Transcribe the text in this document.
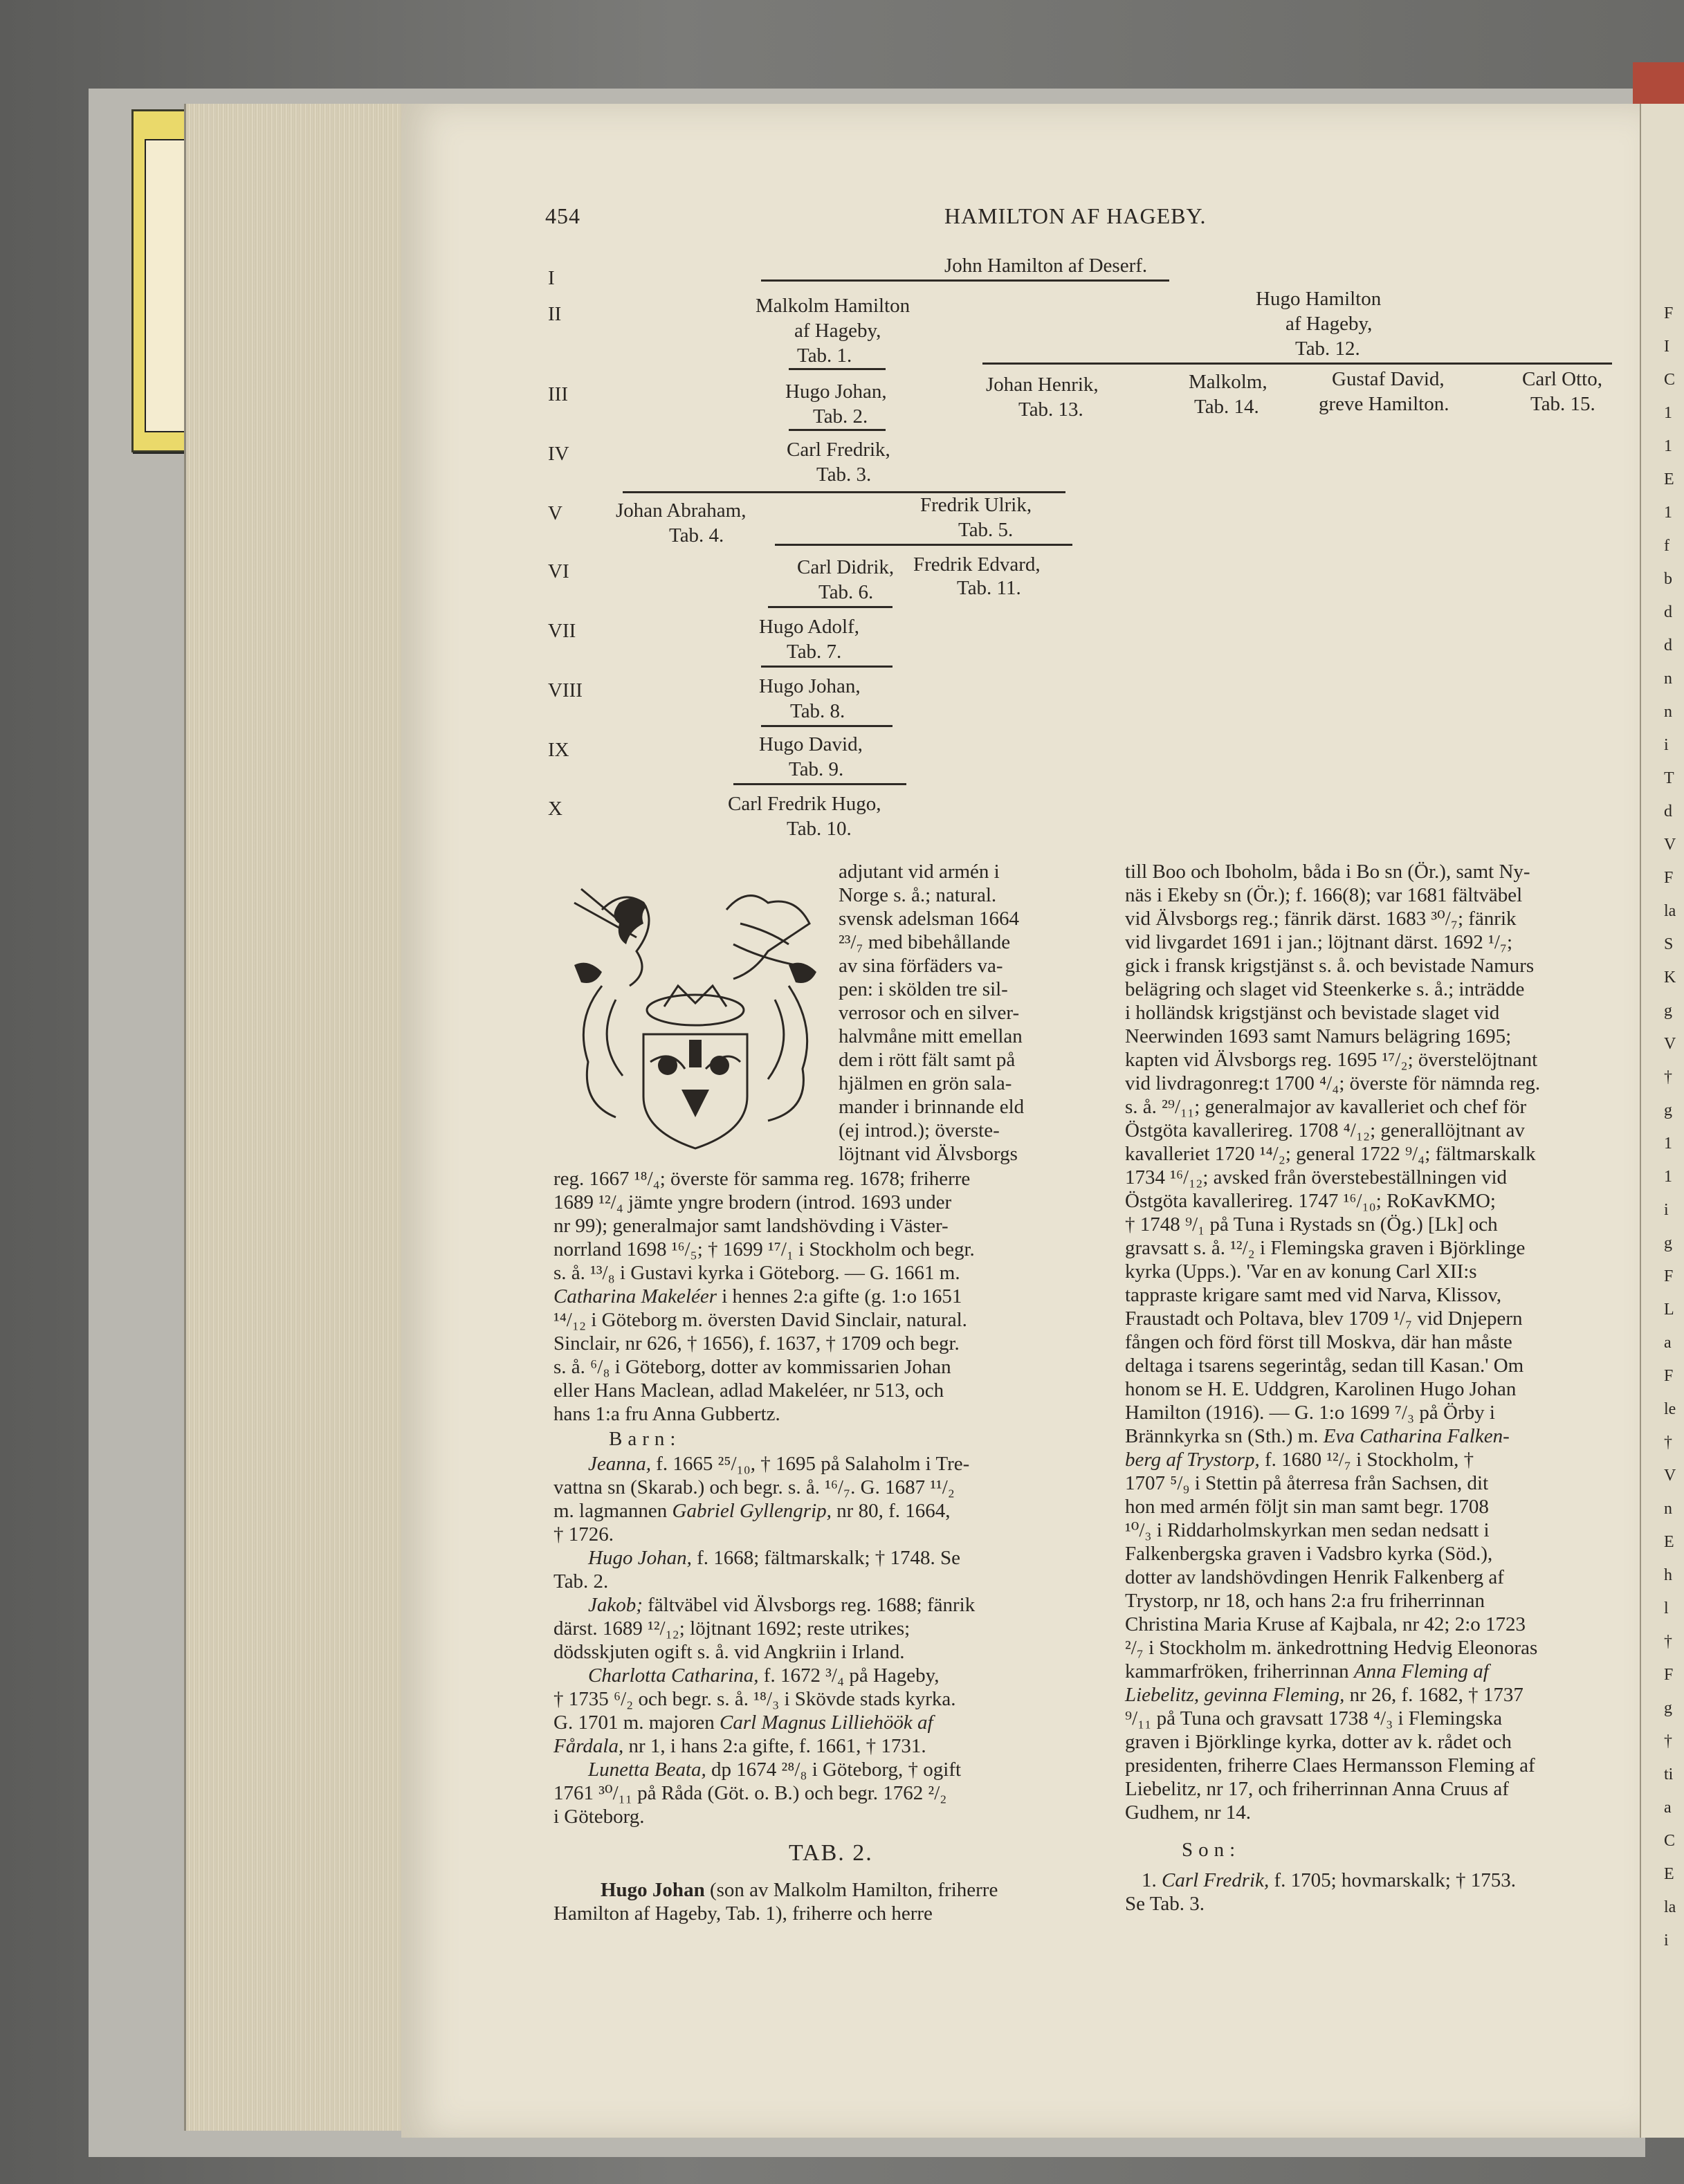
454	HAMILTON AF HAGEBY.
I
II
III
IV
V
VI
VII
VIII
IX
X
John Hamilton af Deserf.
Malkolm Hamilton
af Hageby,
Tab. 1.
Hugo Hamilton
af Hageby,
Tab. 12.
Hugo Johan,
Tab. 2.
Johan Henrik,
Tab. 13.
Malkolm,
Tab. 14.
Gustaf David,
greve Hamilton.
Carl Otto,
Tab. 15.
Carl Fredrik,
Tab. 3.
Johan Abraham,
Tab. 4.
Fredrik Ulrik,
Tab. 5.
Carl Didrik,
Tab. 6.
Fredrik Edvard,
Tab. 11.
Hugo Adolf,
Tab. 7.
Hugo Johan,
Tab. 8.
Hugo David,
Tab. 9.
Carl Fredrik Hugo,
Tab. 10.
adjutant vid armén i
Norge s. å.; natural.
svensk adelsman 1664
²³/₇ med bibehållande
av sina förfäders va-
pen: i skölden tre sil-
verrosor och en silver-
halvmåne mitt emellan
dem i rött fält samt på
hjälmen en grön sala-
mander i brinnande eld
(ej introd.); överste-
löjtnant vid Älvsborgs
reg. 1667 ¹⁸/₄; överste för samma reg. 1678; friherre
1689 ¹²/₄ jämte yngre brodern (introd. 1693 under
nr 99); generalmajor samt landshövding i Väster-
norrland 1698 ¹⁶/₅; † 1699 ¹⁷/₁ i Stockholm och begr.
s. å. ¹³/₈ i Gustavi kyrka i Göteborg. — G. 1661 m.
Catharina Makeléer i hennes 2:a gifte (g. 1:o 1651
¹⁴/₁₂ i Göteborg m. översten David Sinclair, natural.
Sinclair, nr 626, † 1656), f. 1637, † 1709 och begr.
s. å. ⁶/₈ i Göteborg, dotter av kommissarien Johan
eller Hans Maclean, adlad Makeléer, nr 513, och
hans 1:a fru Anna Gubbertz.
Barn:
Jeanna, f. 1665 ²⁵/₁₀, † 1695 på Salaholm i Tre-
vattna sn (Skarab.) och begr. s. å. ¹⁶/₇. G. 1687 ¹¹/₂
m. lagmannen Gabriel Gyllengrip, nr 80, f. 1664,
† 1726.
Hugo Johan, f. 1668; fältmarskalk; † 1748. Se
Tab. 2.
Jakob; fältväbel vid Älvsborgs reg. 1688; fänrik
därst. 1689 ¹²/₁₂; löjtnant 1692; reste utrikes;
dödsskjuten ogift s. å. vid Angkriin i Irland.
Charlotta Catharina, f. 1672 ³/₄ på Hageby,
† 1735 ⁶/₂ och begr. s. å. ¹⁸/₃ i Skövde stads kyrka.
G. 1701 m. majoren Carl Magnus Lilliehöök af
Fårdala, nr 1, i hans 2:a gifte, f. 1661, † 1731.
Lunetta Beata, dp 1674 ²⁸/₈ i Göteborg, † ogift
1761 ³⁰/₁₁ på Råda (Göt. o. B.) och begr. 1762 ²/₂
i Göteborg.
TAB. 2.
Hugo Johan (son av Malkolm Hamilton, friherre
Hamilton af Hageby, Tab. 1), friherre och herre
till Boo och Iboholm, båda i Bo sn (Ör.), samt Ny-
näs i Ekeby sn (Ör.); f. 166(8); var 1681 fältväbel
vid Älvsborgs reg.; fänrik därst. 1683 ³⁰/₇; fänrik
vid livgardet 1691 i jan.; löjtnant därst. 1692 ¹/₇;
gick i fransk krigstjänst s. å. och bevistade Namurs
belägring och slaget vid Steenkerke s. å.; inträdde
i holländsk krigstjänst och bevistade slaget vid
Neerwinden 1693 samt Namurs belägring 1695;
kapten vid Älvsborgs reg. 1695 ¹⁷/₂; överstelöjtnant
vid livdragonreg:t 1700 ⁴/₄; överste för nämnda reg.
s. å. ²⁹/₁₁; generalmajor av kavalleriet och chef för
Östgöta kavallerireg. 1708 ⁴/₁₂; generallöjtnant av
kavalleriet 1720 ¹⁴/₂; general 1722 ⁹/₄; fältmarskalk
1734 ¹⁶/₁₂; avsked från överstebeställningen vid
Östgöta kavallerireg. 1747 ¹⁶/₁₀; RoKavKMO;
† 1748 ⁹/₁ på Tuna i Rystads sn (Ög.) [Lk] och
gravsatt s. å. ¹²/₂ i Flemingska graven i Björklinge
kyrka (Upps.). 'Var en av konung Carl XII:s
tappraste krigare samt med vid Narva, Klissov,
Fraustadt och Poltava, blev 1709 ¹/₇ vid Dnjepern
fången och förd först till Moskva, där han måste
deltaga i tsarens segerintåg, sedan till Kasan.' Om
honom se H. E. Uddgren, Karolinen Hugo Johan
Hamilton (1916). — G. 1:o 1699 ⁷/₃ på Örby i
Brännkyrka sn (Sth.) m. Eva Catharina Falken-
berg af Trystorp, f. 1680 ¹²/₇ i Stockholm, †
1707 ⁵/₉ i Stettin på återresa från Sachsen, dit
hon med armén följt sin man samt begr. 1708
¹⁰/₃ i Riddarholmskyrkan men sedan nedsatt i
Falkenbergska graven i Vadsbro kyrka (Söd.),
dotter av landshövdingen Henrik Falkenberg af
Trystorp, nr 18, och hans 2:a fru friherrinnan
Christina Maria Kruse af Kajbala, nr 42; 2:o 1723
²/₇ i Stockholm m. änkedrottning Hedvig Eleonoras
kammarfröken, friherrinnan Anna Fleming af
Liebelitz, gevinna Fleming, nr 26, f. 1682, † 1737
⁹/₁₁ på Tuna och gravsatt 1738 ⁴/₃ i Flemingska
graven i Björklinge kyrka, dotter av k. rådet och
presidenten, friherre Claes Hermansson Fleming af
Liebelitz, nr 17, och friherrinnan Anna Cruus af
Gudhem, nr 14.
Son:
1. Carl Fredrik, f. 1705; hovmarskalk; † 1753.
Se Tab. 3.
F
I
C
1
1
E
1
f
b
d
d
n
n
i
T
d
V
F
la
S
K
g
V
†
g
1
1
i
g
F
L
a
F
le
†
V
n
E
h
l
†
F
g
†
ti
a
C
E
la
i
